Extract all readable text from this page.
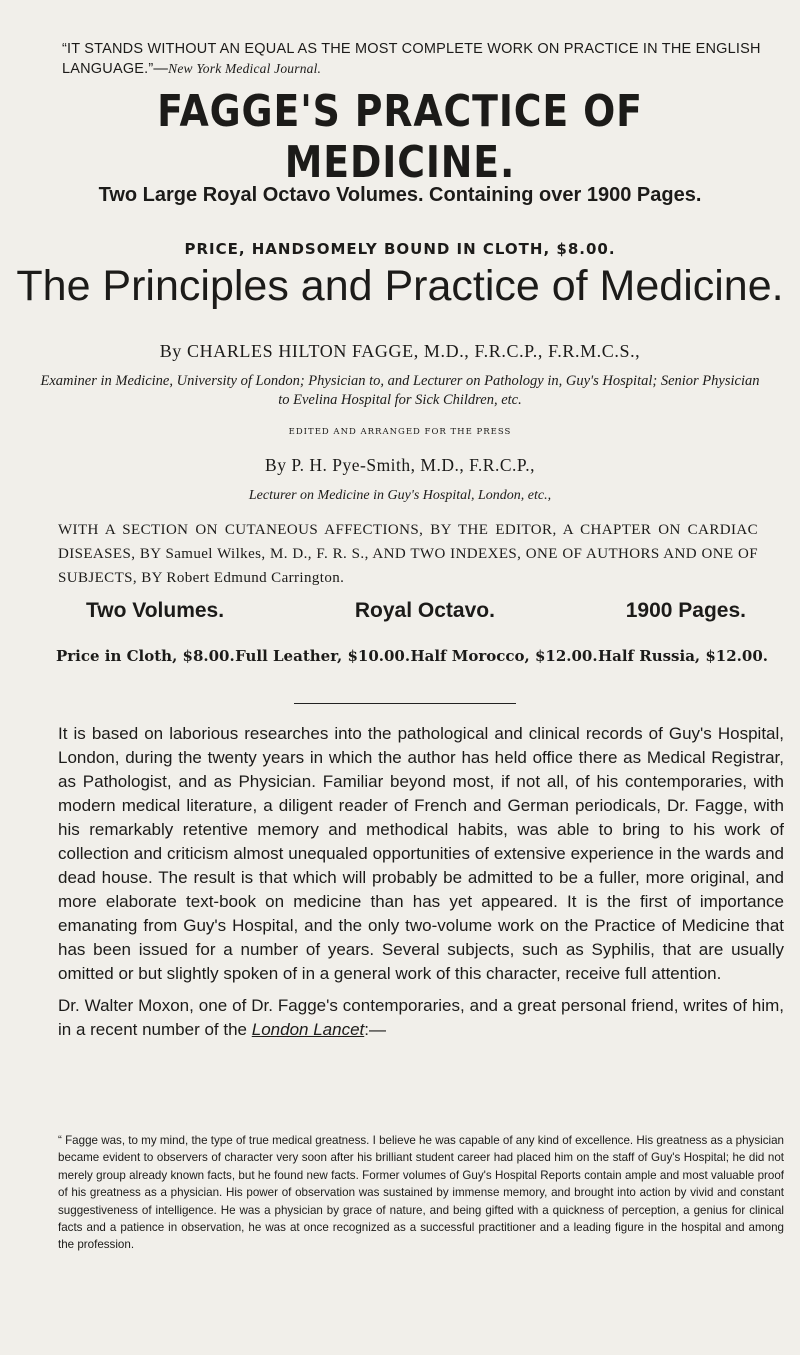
“IT STANDS WITHOUT AN EQUAL AS THE MOST COMPLETE WORK ON PRACTICE IN THE ENGLISH LANGUAGE.”—New York Medical Journal.
FAGGE'S PRACTICE OF MEDICINE.
Two Large Royal Octavo Volumes. Containing over 1900 Pages.
PRICE, HANDSOMELY BOUND IN CLOTH, $8.00.
The Principles and Practice of Medicine.
By CHARLES HILTON FAGGE, M.D., F.R.C.P., F.R.M.C.S.,
Examiner in Medicine, University of London; Physician to, and Lecturer on Pathology in, Guy's Hospital; Senior Physician to Evelina Hospital for Sick Children, etc.
EDITED AND ARRANGED FOR THE PRESS
By P. H. Pye-Smith, M.D., F.R.C.P.,
Lecturer on Medicine in Guy's Hospital, London, etc.,
WITH A SECTION ON CUTANEOUS AFFECTIONS, BY THE EDITOR, A CHAPTER ON CARDIAC DISEASES, BY Samuel Wilkes, M. D., F. R. S., AND TWO INDEXES, ONE OF AUTHORS AND ONE OF SUBJECTS, BY Robert Edmund Carrington.
Two Volumes.	Royal Octavo.	1900 Pages.
Price in Cloth, $8.00. Full Leather, $10.00. Half Morocco, $12.00. Half Russia, $12.00.

It is based on laborious researches into the pathological and clinical records of Guy's Hospital, London, during the twenty years in which the author has held office there as Medical Registrar, as Pathologist, and as Physician. Familiar beyond most, if not all, of his contemporaries, with modern medical literature, a diligent reader of French and German periodicals, Dr. Fagge, with his remarkably retentive memory and methodical habits, was able to bring to his work of collection and criticism almost unequaled opportunities of extensive experience in the wards and dead house. The result is that which will probably be admitted to be a fuller, more original, and more elaborate text-book on medicine than has yet appeared. It is the first of importance emanating from Guy's Hospital, and the only two-volume work on the Practice of Medicine that has been issued for a number of years. Several subjects, such as Syphilis, that are usually omitted or but slightly spoken of in a general work of this character, receive full attention.

Dr. Walter Moxon, one of Dr. Fagge's contemporaries, and a great personal friend, writes of him, in a recent number of the London Lancet:—

“ Fagge was, to my mind, the type of true medical greatness. I believe he was capable of any kind of excellence. His greatness as a physician became evident to observers of character very soon after his brilliant student career had placed him on the staff of Guy's Hospital; he did not merely group already known facts, but he found new facts. Former volumes of Guy's Hospital Reports contain ample and most valuable proof of his greatness as a physician. His power of observation was sustained by immense memory, and brought into action by vivid and constant suggestiveness of intelligence. He was a physician by grace of nature, and being gifted with a quickness of perception, a genius for clinical facts and a patience in observation, he was at once recognized as a successful practitioner and a leading figure in the hospital and among the profession.
